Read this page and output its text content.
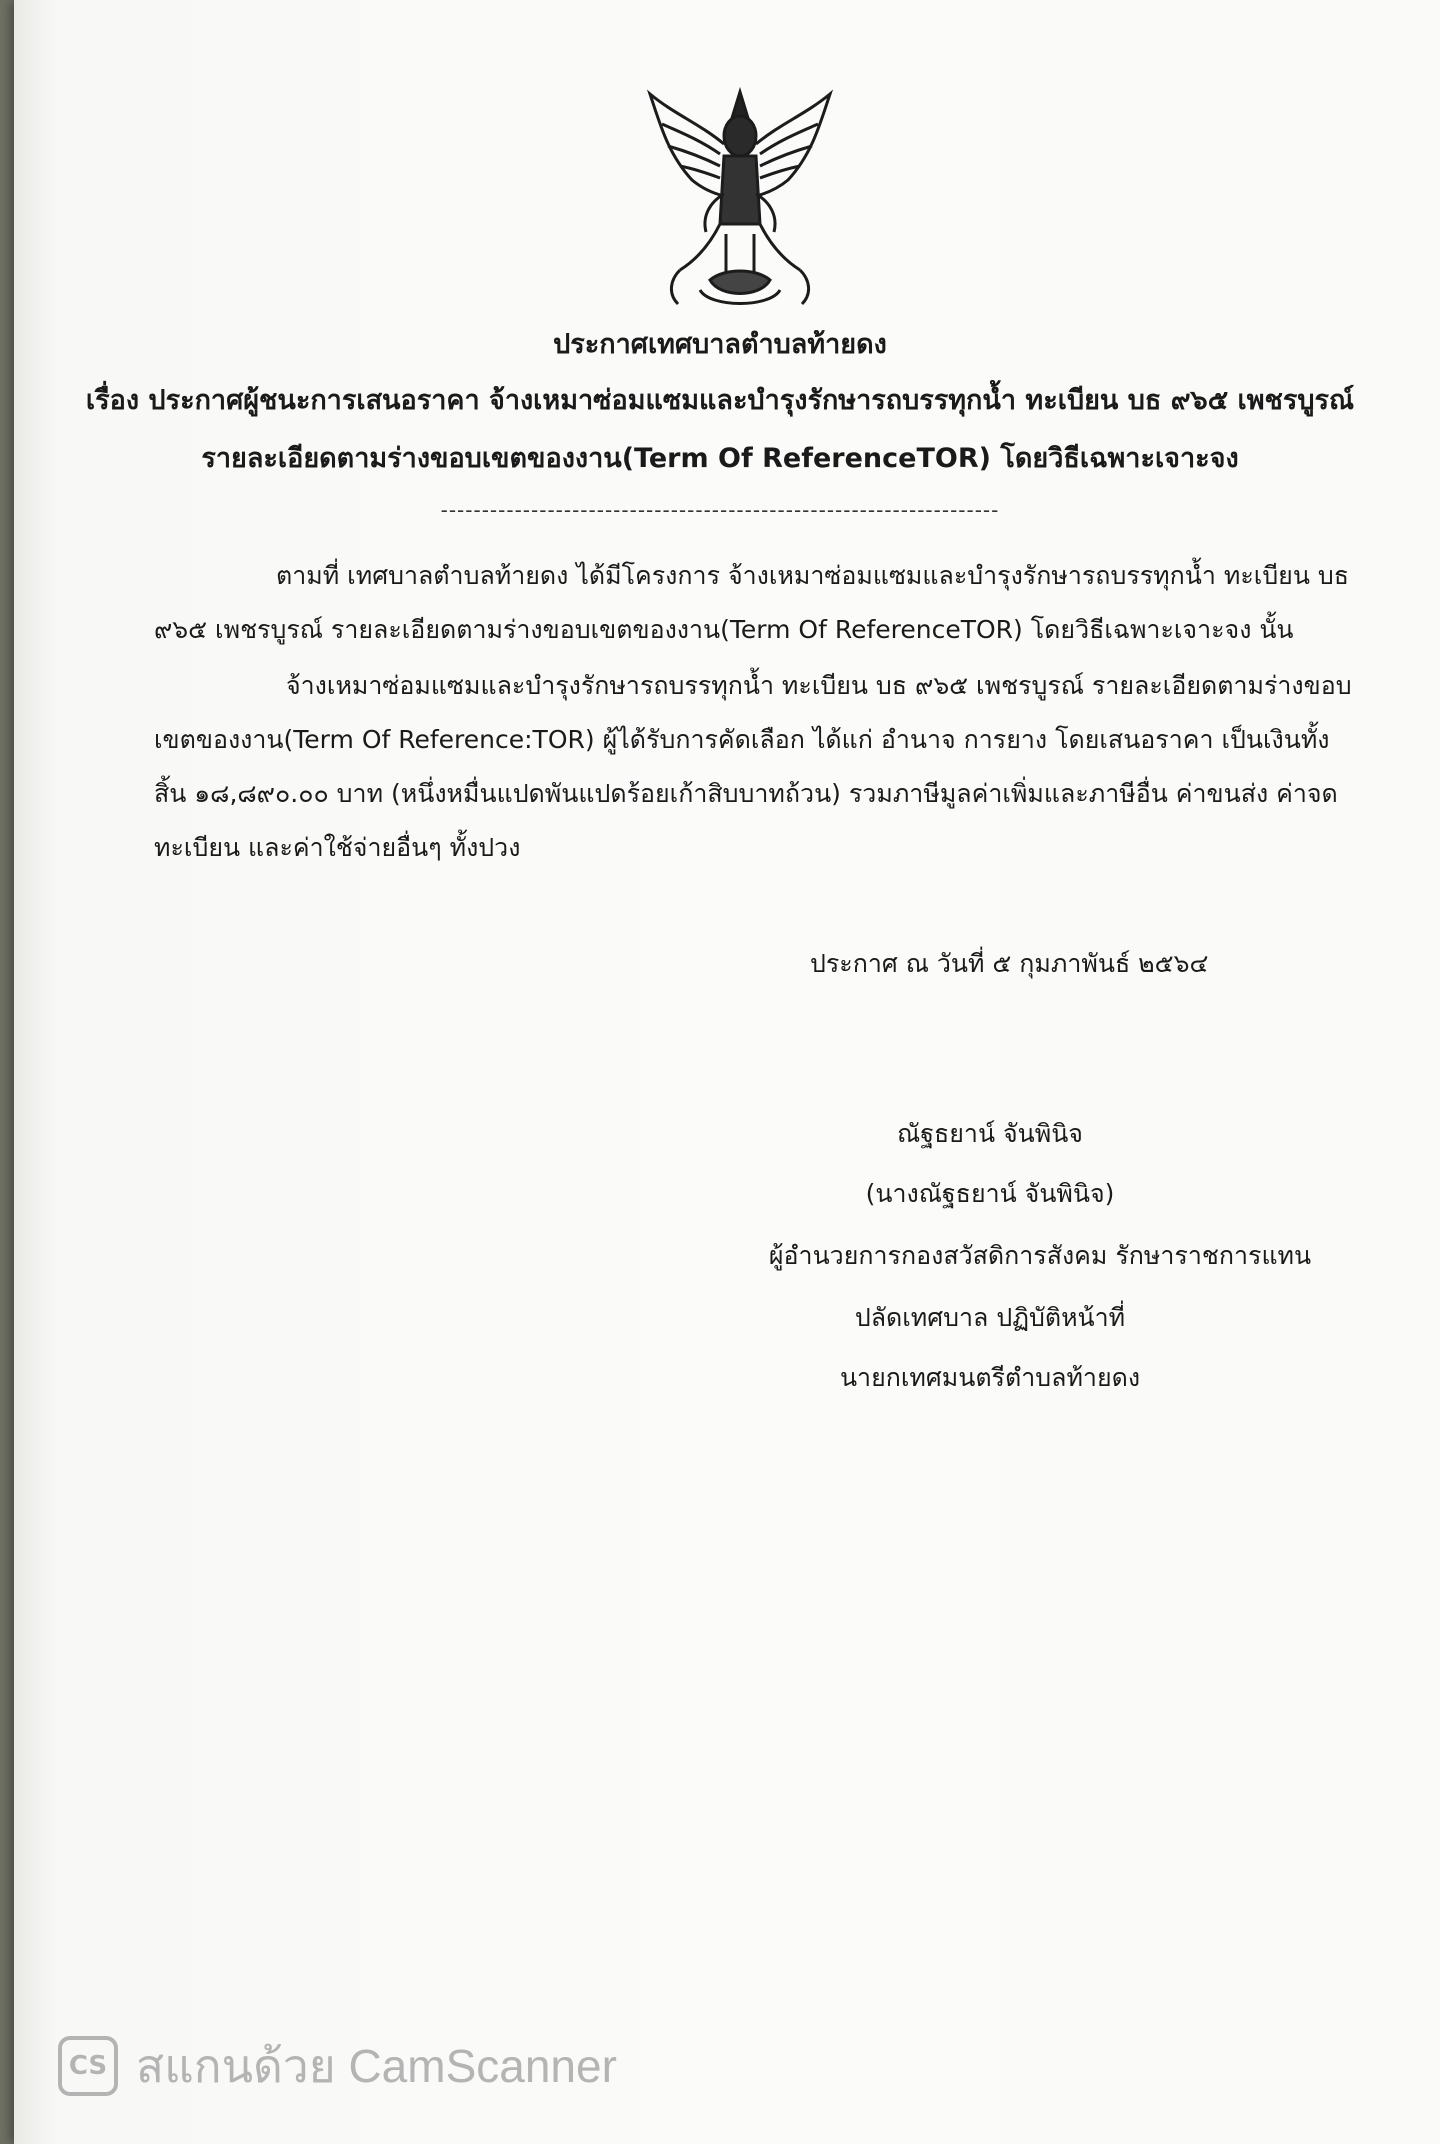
ประกาศเทศบาลตำบลท้ายดง
เรื่อง ประกาศผู้ชนะการเสนอราคา จ้างเหมาซ่อมแซมและบำรุงรักษารถบรรทุกน้ำ ทะเบียน บธ ๙๖๕ เพชรบูรณ์
รายละเอียดตามร่างขอบเขตของงาน(Term Of ReferenceTOR) โดยวิธีเฉพาะเจาะจง
--------------------------------------------------------------------
ตามที่ เทศบาลตำบลท้ายดง ได้มีโครงการ จ้างเหมาซ่อมแซมและบำรุงรักษารถบรรทุกน้ำ ทะเบียน บธ
๙๖๕ เพชรบูรณ์ รายละเอียดตามร่างขอบเขตของงาน(Term Of ReferenceTOR) โดยวิธีเฉพาะเจาะจง นั้น
จ้างเหมาซ่อมแซมและบำรุงรักษารถบรรทุกน้ำ ทะเบียน บธ ๙๖๕ เพชรบูรณ์ รายละเอียดตามร่างขอบ
เขตของงาน(Term Of Reference:TOR) ผู้ได้รับการคัดเลือก ได้แก่ อำนาจ การยาง โดยเสนอราคา เป็นเงินทั้ง
สิ้น ๑๘,๘๙๐.๐๐ บาท (หนึ่งหมื่นแปดพันแปดร้อยเก้าสิบบาทถ้วน) รวมภาษีมูลค่าเพิ่มและภาษีอื่น ค่าขนส่ง ค่าจด
ทะเบียน และค่าใช้จ่ายอื่นๆ ทั้งปวง
ประกาศ ณ วันที่ ๕ กุมภาพันธ์ ๒๕๖๔
ณัฐธยาน์ จันพินิจ
(นางณัฐธยาน์ จันพินิจ)
ผู้อำนวยการกองสวัสดิการสังคม รักษาราชการแทน
ปลัดเทศบาล ปฏิบัติหน้าที่
นายกเทศมนตรีตำบลท้ายดง
CS สแกนด้วย CamScanner
